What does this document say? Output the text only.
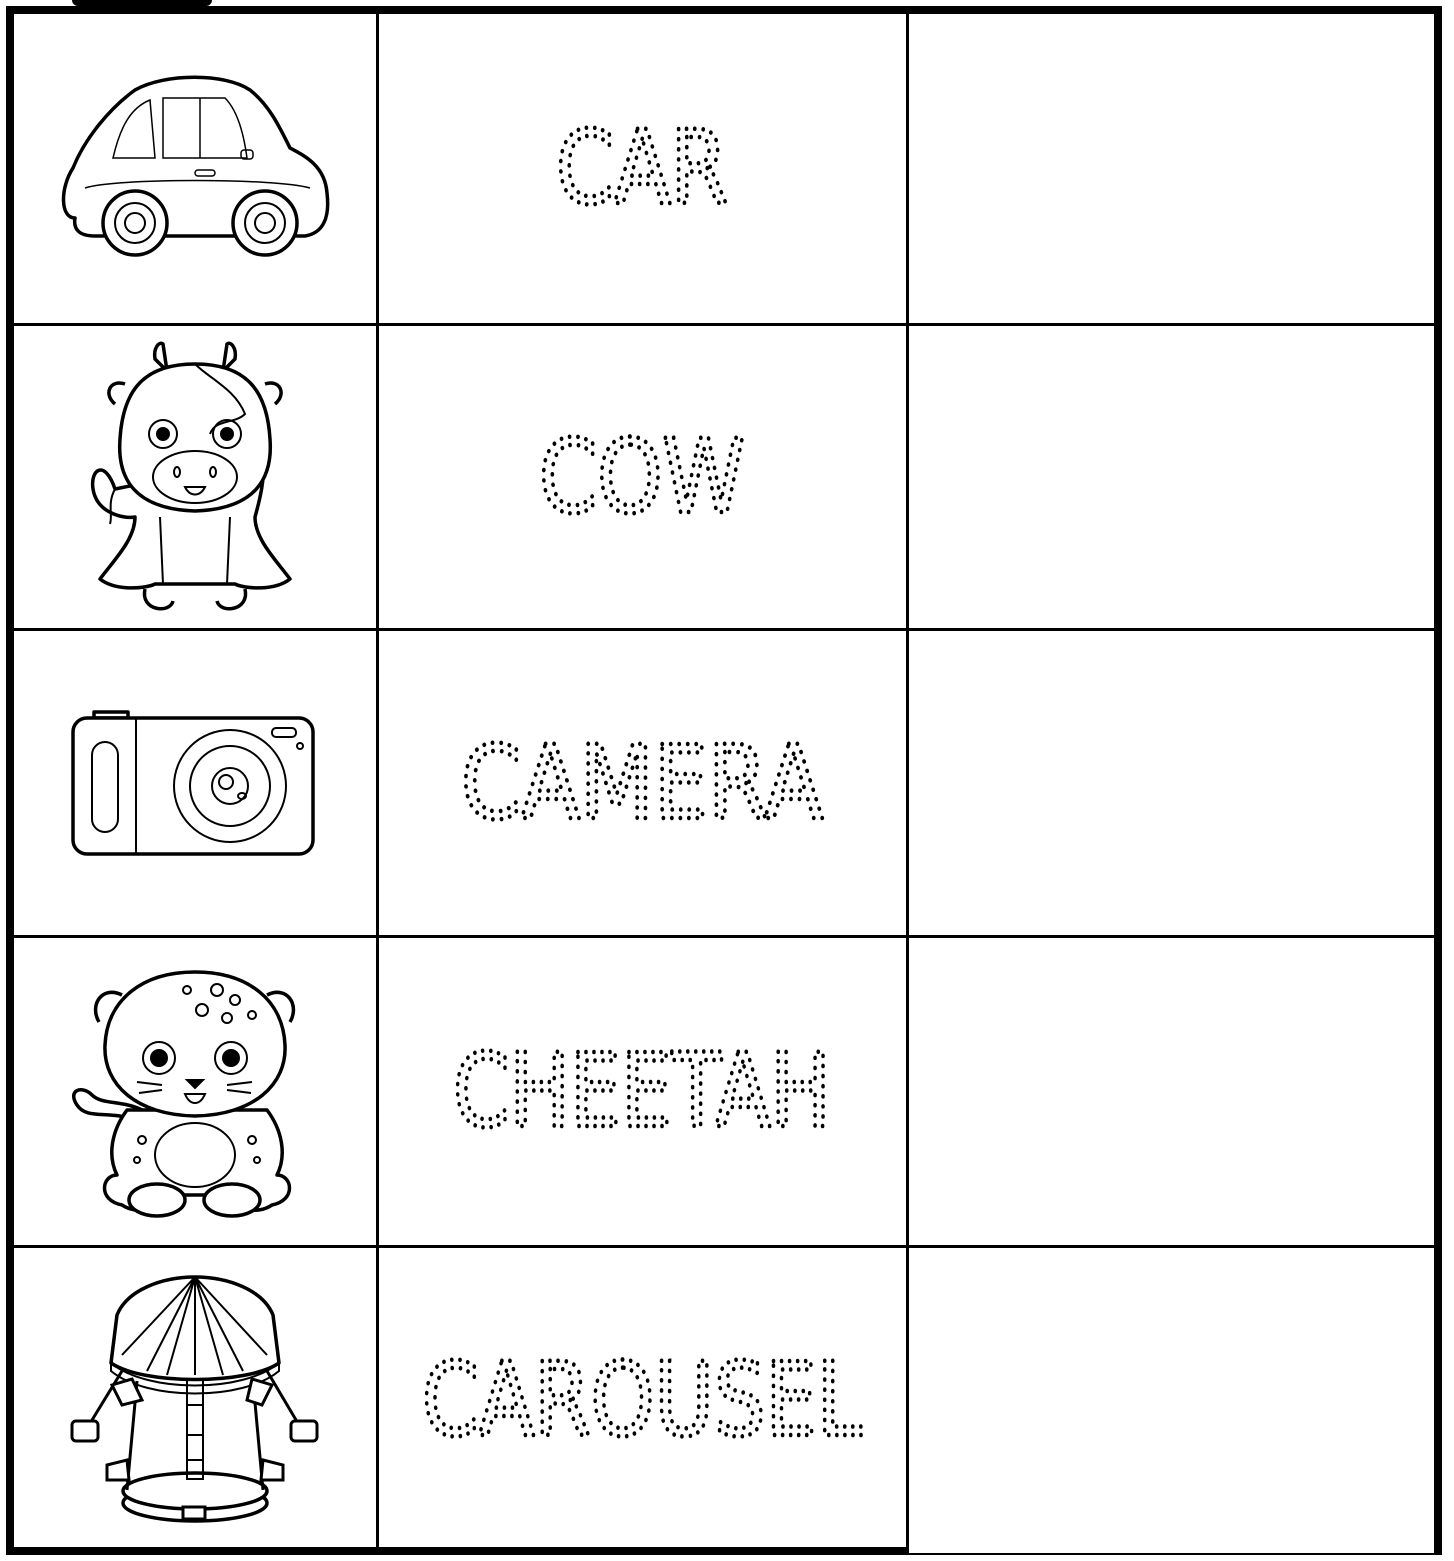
CAR	

COW	

CAMERA	

CHEETAH	

CAROUSEL	
